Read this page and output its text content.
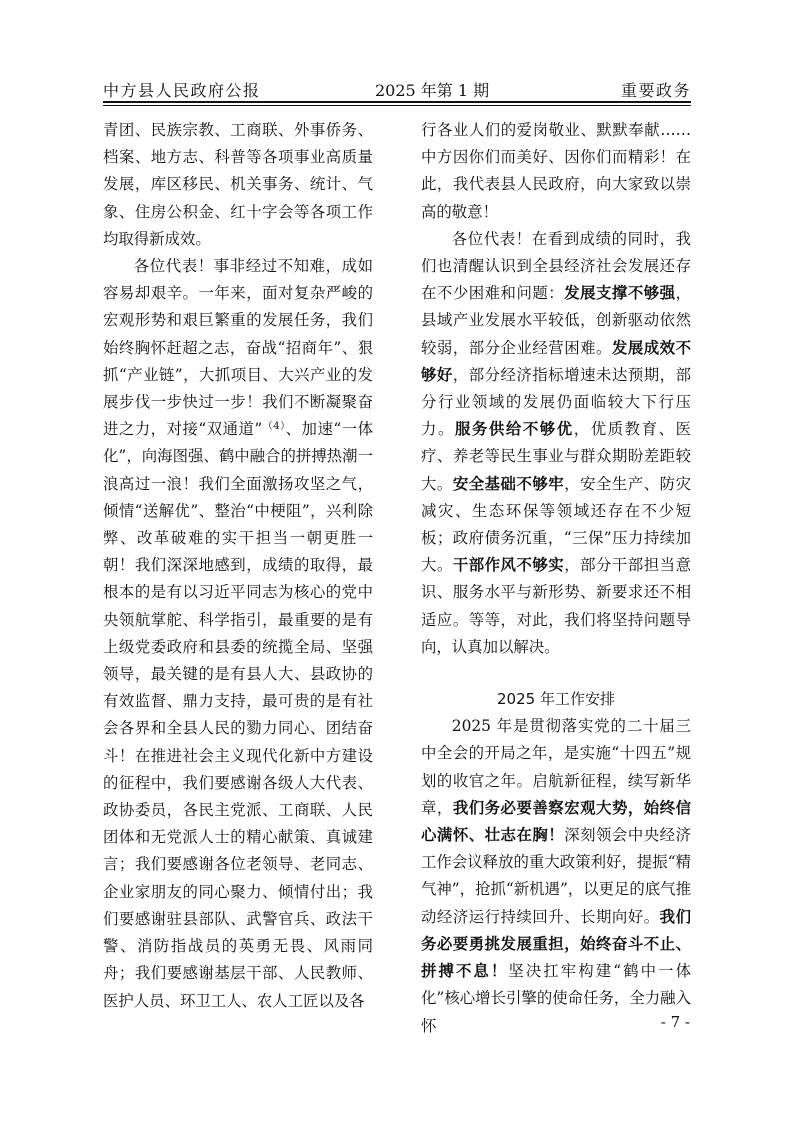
中方县人民政府公报	2025 年第 1 期	重要政务

青团、民族宗教、工商联、外事侨务、档案、地方志、科普等各项事业高质量发展，库区移民、机关事务、统计、气象、住房公积金、红十字会等各项工作均取得新成效。

各位代表！事非经过不知难，成如容易却艰辛。一年来，面对复杂严峻的宏观形势和艰巨繁重的发展任务，我们始终胸怀赶超之志，奋战“招商年”、狠抓“产业链”，大抓项目、大兴产业的发展步伐一步快过一步！我们不断凝聚奋进之力，对接“双通道”$^{(4)}$、加速“一体化”，向海图强、鹤中融合的拼搏热潮一浪高过一浪！我们全面激扬攻坚之气，倾情“送解优”、整治“中梗阻”，兴利除弊、改革破难的实干担当一朝更胜一朝！我们深深地感到，成绩的取得，最根本的是有以习近平同志为核心的党中央领航掌舵、科学指引，最重要的是有上级党委政府和县委的统揽全局、坚强领导，最关键的是有县人大、县政协的有效监督、鼎力支持，最可贵的是有社会各界和全县人民的勠力同心、团结奋斗！在推进社会主义现代化新中方建设的征程中，我们要感谢各级人大代表、政协委员，各民主党派、工商联、人民团体和无党派人士的精心献策、真诚建言；我们要感谢各位老领导、老同志、企业家朋友的同心聚力、倾情付出；我们要感谢驻县部队、武警官兵、政法干警、消防指战员的英勇无畏、风雨同舟；我们要感谢基层干部、人民教师、医护人员、环卫工人、农人工匠以及各

行各业人们的爱岗敬业、默默奉献……中方因你们而美好、因你们而精彩！在此，我代表县人民政府，向大家致以崇高的敬意！

各位代表！在看到成绩的同时，我们也清醒认识到全县经济社会发展还存在不少困难和问题：发展支撑不够强，县域产业发展水平较低，创新驱动依然较弱，部分企业经营困难。发展成效不够好，部分经济指标增速未达预期，部分行业领域的发展仍面临较大下行压力。服务供给不够优，优质教育、医疗、养老等民生事业与群众期盼差距较大。安全基础不够牢，安全生产、防灾减灾、生态环保等领域还存在不少短板；政府债务沉重，“三保”压力持续加大。干部作风不够实，部分干部担当意识、服务水平与新形势、新要求还不相适应。等等，对此，我们将坚持问题导向，认真加以解决。

2025 年工作安排

2025 年是贯彻落实党的二十届三中全会的开局之年，是实施“十四五”规划的收官之年。启航新征程，续写新华章，我们务必要善察宏观大势，始终信心满怀、壮志在胸！深刻领会中央经济工作会议释放的重大政策利好，提振“精气神”，抢抓“新机遇”，以更足的底气推动经济运行持续回升、长期向好。我们务必要勇挑发展重担，始终奋斗不止、拼搏不息！坚决扛牢构建“鹤中一体化”核心增长引擎的使命任务，全力融入怀	- 7 -
